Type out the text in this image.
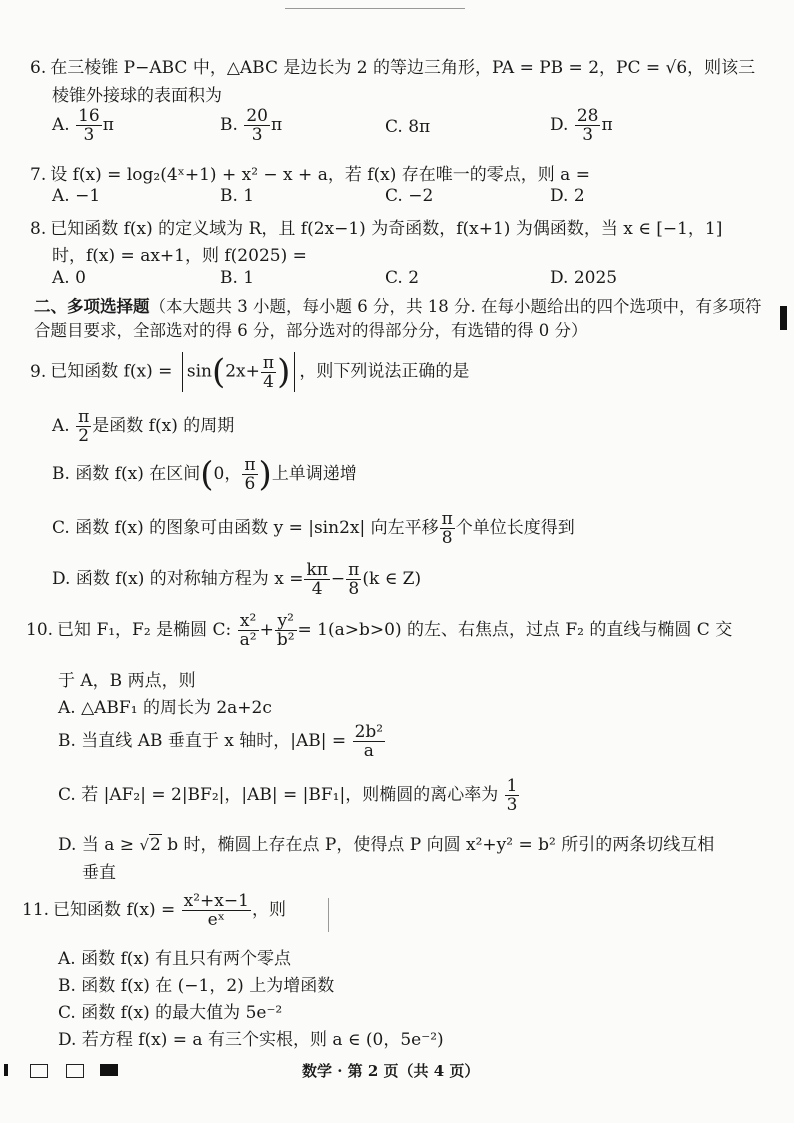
6. 在三棱锥 P−ABC 中，△ABC 是边长为 2 的等边三角形，PA = PB = 2，PC = √6，则该三
棱锥外接球的表面积为
A. $\frac{16}{3}$ π	B. $\frac{20}{3}$ π	C. 8π	D. $\frac{28}{3}$ π
7. 设 f(x) = log₂(4ˣ+1) + x² − x + a，若 f(x) 存在唯一的零点，则 a =
A. −1	B. 1	C. −2	D. 2
8. 已知函数 f(x) 的定义域为 R，且 f(2x−1) 为奇函数，f(x+1) 为偶函数，当 x ∈ [−1，1]
时，f(x) = ax+1，则 f(2025) =
A. 0	B. 1	C. 2	D. 2025
二、多项选择题（本大题共 3 小题，每小题 6 分，共 18 分. 在每小题给出的四个选项中，有多项符合题目要求，全部选对的得 6 分，部分选对的得部分分，有选错的得 0 分）
9. 已知函数 $f(x) = \sin(2x+ \frac{\pi}{4}$ ) ，则下列说法正确的是
A. $\frac{\pi}{2}$ 是函数 f(x) 的周期
B. 函数 f(x) 在区间(0， $\frac{\pi}{6}$ )上单调递增
C. 函数 f(x) 的图象可由函数 y = |sin2x| 向左平移 $\frac{\pi}{8}$ 个单位长度得到
D. 函数 f(x) 的对称轴方程为 $x = \frac{k\pi}{4} - \frac{\pi}{8} (k$ ∈ Z)
10. 已知 F₁，F₂ 是椭圆 C: $\frac{\text{x²}}{\text{a²}} + \frac{\text{y²}}{\text{b²}} = 1(a>b>0)$ 的左、右焦点，过点 F₂ 的直线与椭圆 C 交
于 A，B 两点，则
A. △ABF₁ 的周长为 2a+2c
B. 当直线 AB 垂直于 x 轴时，$|AB| = \frac{\text{2b²}}{a}$
C. 若 |AF₂| = 2|BF₂|，|AB| = |BF₁|，则椭圆的离心率为 $\frac{1}{3}$
D. 当 a ≥ √2 b 时，椭圆上存在点 P，使得点 P 向圆 x²+y² = b² 所引的两条切线互相
垂直
11. 已知函数 $f(x) = \frac{\text{x²+x−1}}{\text{eˣ}}$ ，则
A. 函数 f(x) 有且只有两个零点
B. 函数 f(x) 在 (−1，2) 上为增函数
C. 函数 f(x) 的最大值为 5e⁻²
D. 若方程 f(x) = a 有三个实根，则 a ∈ (0，5e⁻²)
数学 · 第 2 页（共 4 页）
